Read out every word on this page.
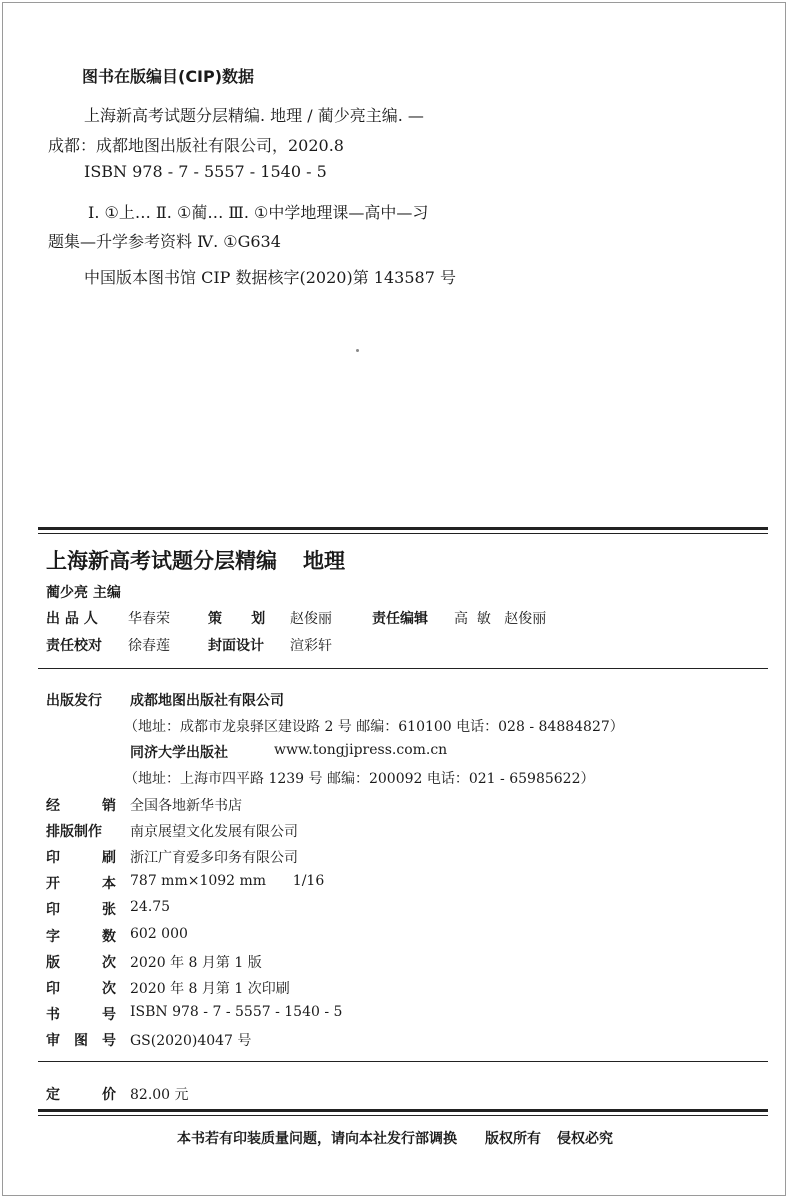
图书在版编目(CIP)数据
上海新高考试题分层精编. 地理 / 蔺少亮主编. —
成都：成都地图出版社有限公司，2020.8
ISBN 978 - 7 - 5557 - 1540 - 5
Ⅰ. ①上… Ⅱ. ①蔺… Ⅲ. ①中学地理课—高中—习
题集—升学参考资料 Ⅳ. ①G634
中国版本图书馆 CIP 数据核字(2020)第 143587 号
上海新高考试题分层精编 地理
蔺少亮 主编
出 品 人 华春荣	策      划 赵俊丽	责任编辑 高  敏   赵俊丽
责任校对 徐春莲	封面设计 渲彩轩
出版发行 成都地图出版社有限公司
（地址：成都市龙泉驿区建设路 2 号 邮编：610100 电话：028 - 84884827）
同济大学出版社	www.tongjipress.com.cn
（地址：上海市四平路 1239 号 邮编：200092 电话：021 - 65985622）
经	销 全国各地新华书店
排版制作 南京展望文化发展有限公司
印	刷 浙江广育爱多印务有限公司
开	本 787 mm×1092 mm      1/16
印	张 24.75
字	数 602 000
版	次 2020 年 8 月第 1 版
印	次 2020 年 8 月第 1 次印刷
书	号 ISBN 978 - 7 - 5557 - 1540 - 5
审 图 号 GS(2020)4047 号
定	价 82.00 元
本书若有印装质量问题，请向本社发行部调换 版权所有 侵权必究
